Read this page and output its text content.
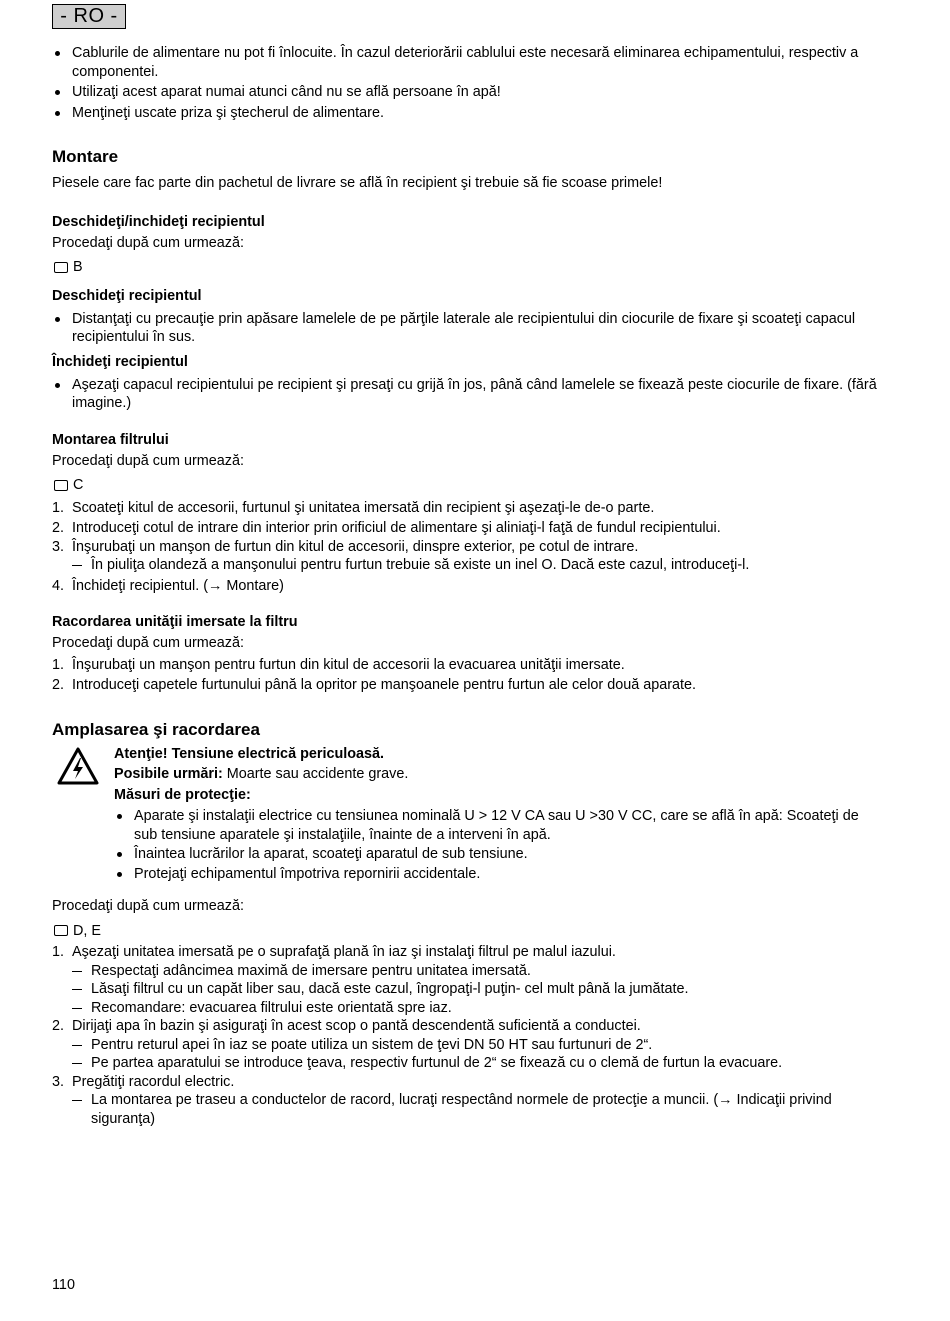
- RO -
Cablurile de alimentare nu pot fi înlocuite. În cazul deteriorării cablului este necesară eliminarea echipamentului, respectiv a componentei.
Utilizaţi acest aparat numai atunci când nu se află persoane în apă!
Menţineţi uscate priza şi ştecherul de alimentare.
Montare

Piesele care fac parte din pachetul de livrare se află în recipient şi trebuie să fie scoase primele!

Deschideţi/inchideţi recipientul

Procedaţi după cum urmează:

B
Deschideţi recipientul
Distanţaţi cu precauţie prin apăsare lamelele de pe părţile laterale ale recipientului din ciocurile de fixare şi scoateţi capacul recipientului în sus.
Închideţi recipientul
Aşezaţi capacul recipientului pe recipient şi presaţi cu grijă în jos, până când lamelele se fixează peste ciocurile de fixare. (fără imagine.)
Montarea filtrului

Procedaţi după cum urmează:

C
1. Scoateţi kitul de accesorii, furtunul şi unitatea imersată din recipient şi aşezaţi-le de-o parte.
2. Introduceţi cotul de intrare din interior prin orificiul de alimentare şi aliniaţi-l faţă de fundul recipientului.
3. Înşurubaţi un manşon de furtun din kitul de accesorii, dinspre exterior, pe cotul de intrare.
În piuliţa olandeză a manşonului pentru furtun trebuie să existe un inel O. Dacă este cazul, introduceţi-l.
4. Închideţi recipientul. (→ Montare)
Racordarea unităţii imersate la filtru

Procedaţi după cum urmează:

1. Înşurubaţi un manşon pentru furtun din kitul de accesorii la evacuarea unităţii imersate.
2. Introduceţi capetele furtunului până la opritor pe manşoanele pentru furtun ale celor două aparate.
Amplasarea şi racordarea

Atenţie! Tensiune electrică periculoasă.

Posibile urmări: Moarte sau accidente grave.

Măsuri de protecţie:

Aparate şi instalaţii electrice cu tensiunea nominală U > 12 V CA sau U >30 V CC, care se află în apă: Scoateţi de sub tensiune aparatele şi instalaţiile, înainte de a interveni în apă.
Înaintea lucrărilor la aparat, scoateţi aparatul de sub tensiune.
Protejaţi echipamentul împotriva repornirii accidentale.

Procedaţi după cum urmează:

D, E
1. Aşezaţi unitatea imersată pe o suprafaţă plană în iaz şi instalaţi filtrul pe malul iazului.
Respectaţi adâncimea maximă de imersare pentru unitatea imersată.
Lăsaţi filtrul cu un capăt liber sau, dacă este cazul, îngropaţi-l puţin- cel mult până la jumătate.
Recomandare: evacuarea filtrului este orientată spre iaz.
2. Dirijaţi apa în bazin şi asiguraţi în acest scop o pantă descendentă suficientă a conductei.
Pentru returul apei în iaz se poate utiliza un sistem de ţevi DN 50 HT sau furtunuri de 2“.
Pe partea aparatului se introduce ţeava, respectiv furtunul de 2“ se fixează cu o clemă de furtun la evacuare.
3. Pregătiţi racordul electric.
La montarea pe traseu a conductelor de racord, lucraţi respectând normele de protecţie a muncii. (→ Indicaţii privind siguranţa)
110
